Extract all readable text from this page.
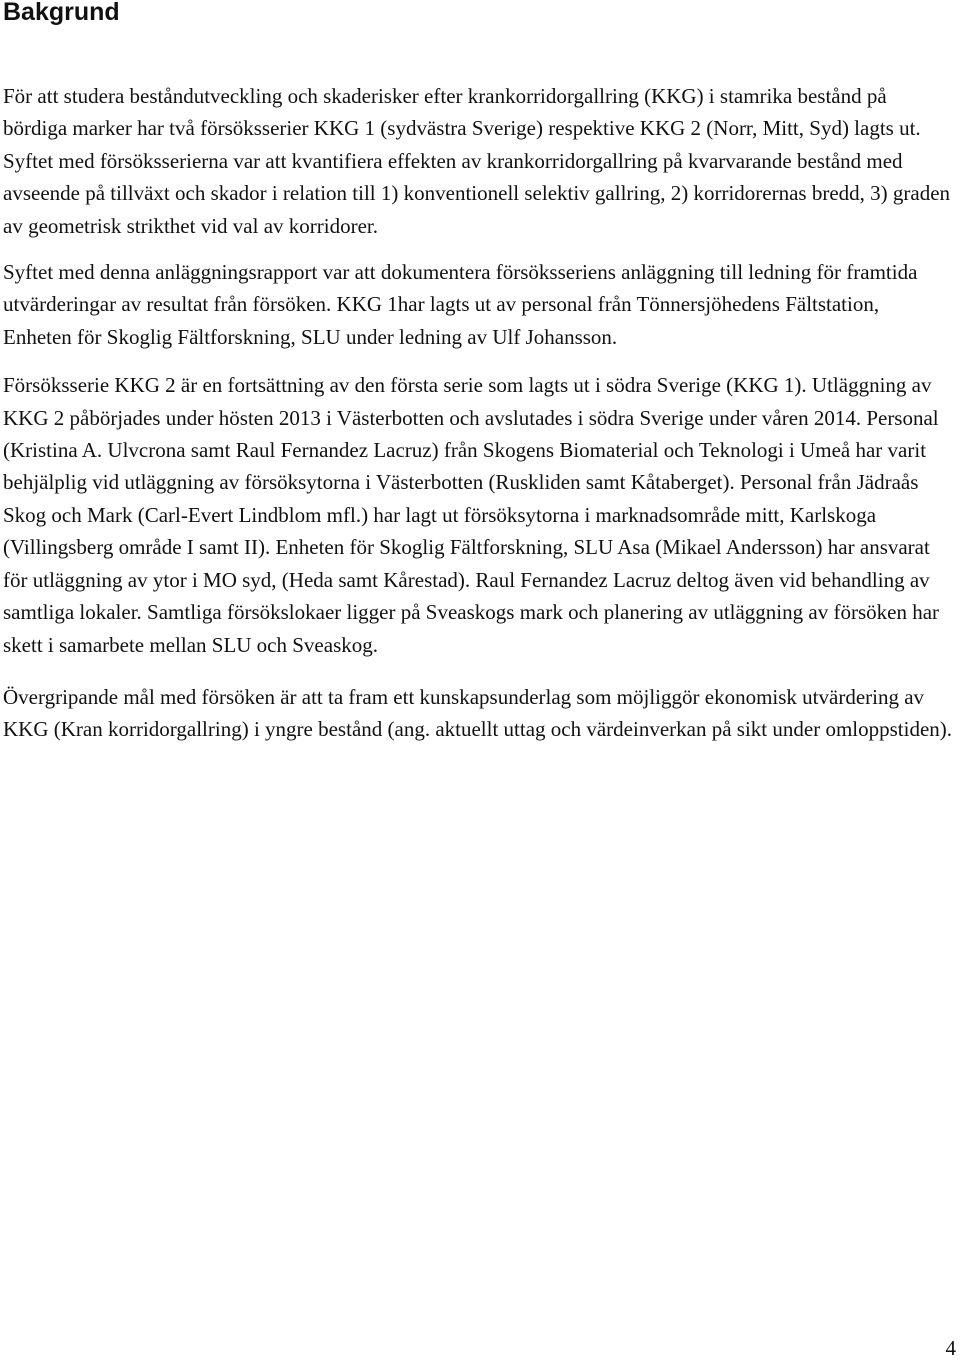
Bakgrund

För att studera beståndutveckling och skaderisker efter krankorridorgallring (KKG) i stamrika bestånd på bördiga marker har två försöksserier KKG 1 (sydvästra Sverige) respektive KKG 2 (Norr, Mitt, Syd) lagts ut. Syftet med försöksserierna var att kvantifiera effekten av krankorridorgallring på kvarvarande bestånd med avseende på tillväxt och skador i relation till 1) konventionell selektiv gallring, 2) korridorernas bredd, 3) graden av geometrisk strikthet vid val av korridorer.

Syftet med denna anläggningsrapport var att dokumentera försöksseriens anläggning till ledning för framtida utvärderingar av resultat från försöken. KKG 1har lagts ut av personal från Tönnersjöhedens Fältstation, Enheten för Skoglig Fältforskning, SLU under ledning av Ulf Johansson.

Försöksserie KKG 2 är en fortsättning av den första serie som lagts ut i södra Sverige (KKG 1). Utläggning av KKG 2 påbörjades under hösten 2013 i Västerbotten och avslutades i södra Sverige under våren 2014. Personal (Kristina A. Ulvcrona samt Raul Fernandez Lacruz) från Skogens Biomaterial och Teknologi i Umeå har varit behjälplig vid utläggning av försöksytorna i Västerbotten (Ruskliden samt Kåtaberget). Personal från Jädraås Skog och Mark (Carl-Evert Lindblom mfl.) har lagt ut försöksytorna i marknadsområde mitt, Karlskoga (Villingsberg område I samt II). Enheten för Skoglig Fältforskning, SLU Asa (Mikael Andersson) har ansvarat för utläggning av ytor i MO syd, (Heda samt Kårestad). Raul Fernandez Lacruz deltog även vid behandling av samtliga lokaler. Samtliga försökslokaer ligger på Sveaskogs mark och planering av utläggning av försöken har skett i samarbete mellan SLU och Sveaskog.

Övergripande mål med försöken är att ta fram ett kunskapsunderlag som möjliggör ekonomisk utvärdering av KKG (Kran korridorgallring) i yngre bestånd (ang. aktuellt uttag och värdeinverkan på sikt under omloppstiden).

4
